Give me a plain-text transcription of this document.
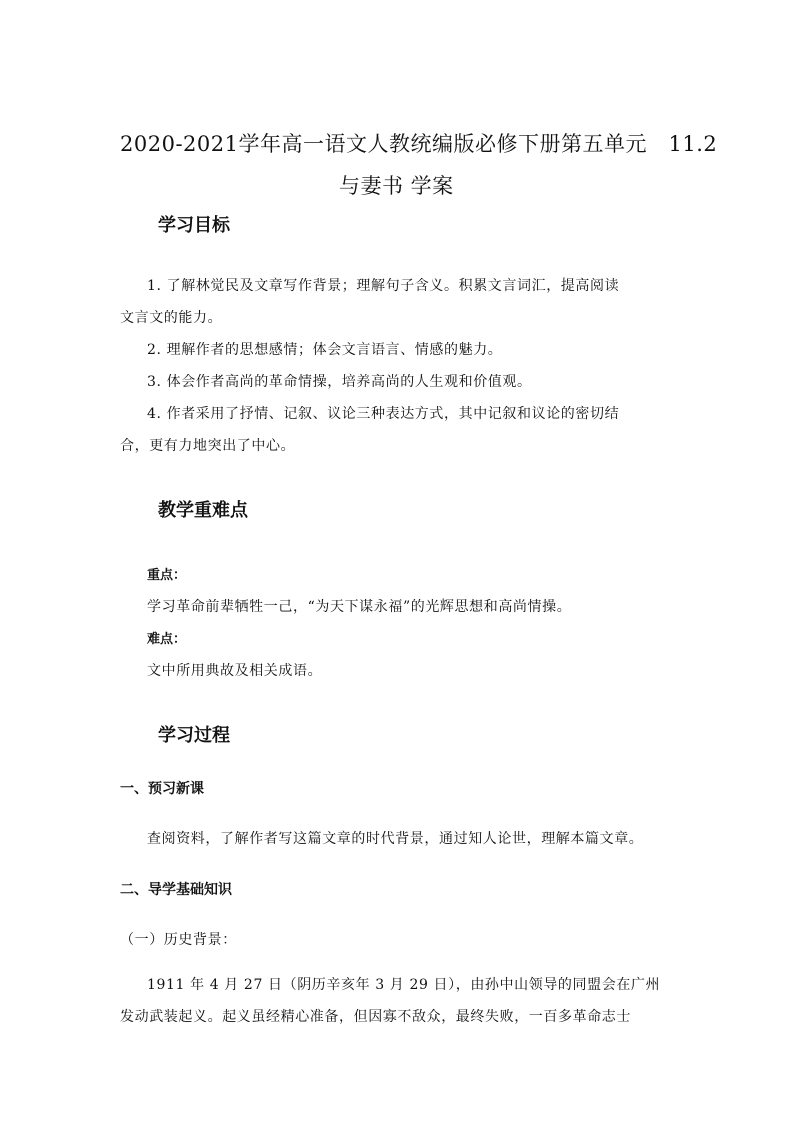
2020-2021学年高一语文人教统编版必修下册第五单元　11.2
与妻书 学案
学习目标
1. 了解林觉民及文章写作背景；理解句子含义。积累文言词汇，提高阅读
文言文的能力。
2. 理解作者的思想感情；体会文言语言、情感的魅力。
3. 体会作者高尚的革命情操，培养高尚的人生观和价值观。
4. 作者采用了抒情、记叙、议论三种表达方式，其中记叙和议论的密切结
合，更有力地突出了中心。
教学重难点
重点：
学习革命前辈牺牲一己，“为天下谋永福”的光辉思想和高尚情操。
难点：
文中所用典故及相关成语。
学习过程
一、预习新课
查阅资料，了解作者写这篇文章的时代背景，通过知人论世，理解本篇文章。
二、导学基础知识
（一）历史背景：
1911 年 4 月 27 日（阴历辛亥年 3 月 29 日），由孙中山领导的同盟会在广州
发动武装起义。起义虽经精心准备，但因寡不敌众，最终失败，一百多革命志士
